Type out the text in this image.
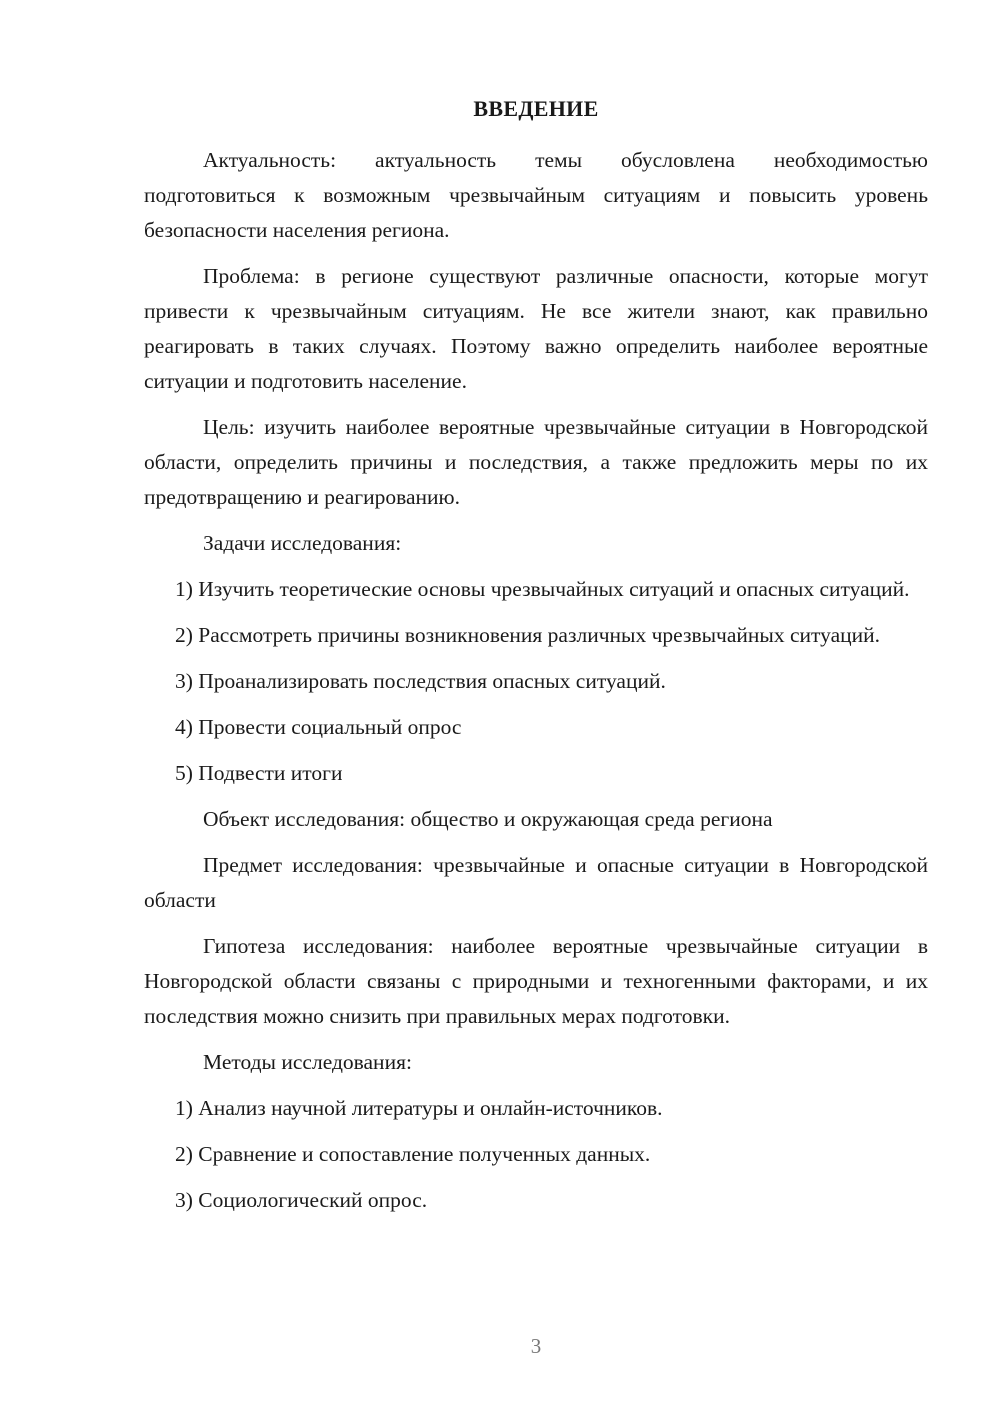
ВВЕДЕНИЕ

Актуальность: актуальность темы обусловлена необходимостью подготовиться к возможным чрезвычайным ситуациям и повысить уровень безопасности населения региона.

Проблема: в регионе существуют различные опасности, которые могут привести к чрезвычайным ситуациям. Не все жители знают, как правильно реагировать в таких случаях. Поэтому важно определить наиболее вероятные ситуации и подготовить население.

Цель: изучить наиболее вероятные чрезвычайные ситуации в Новгородской области, определить причины и последствия, а также предложить меры по их предотвращению и реагированию.

Задачи исследования:

1) Изучить теоретические основы чрезвычайных ситуаций и опасных ситуаций.

2) Рассмотреть причины возникновения различных чрезвычайных ситуаций.

3) Проанализировать последствия опасных ситуаций.

4) Провести социальный опрос

5) Подвести итоги

Объект исследования: общество и окружающая среда региона

Предмет исследования: чрезвычайные и опасные ситуации в Новгородской области

Гипотеза исследования: наиболее вероятные чрезвычайные ситуации в Новгородской области связаны с природными и техногенными факторами, и их последствия можно снизить при правильных мерах подготовки.

Методы исследования:

1) Анализ научной литературы и онлайн-источников.

2) Сравнение и сопоставление полученных данных.

3) Социологический опрос.

3
